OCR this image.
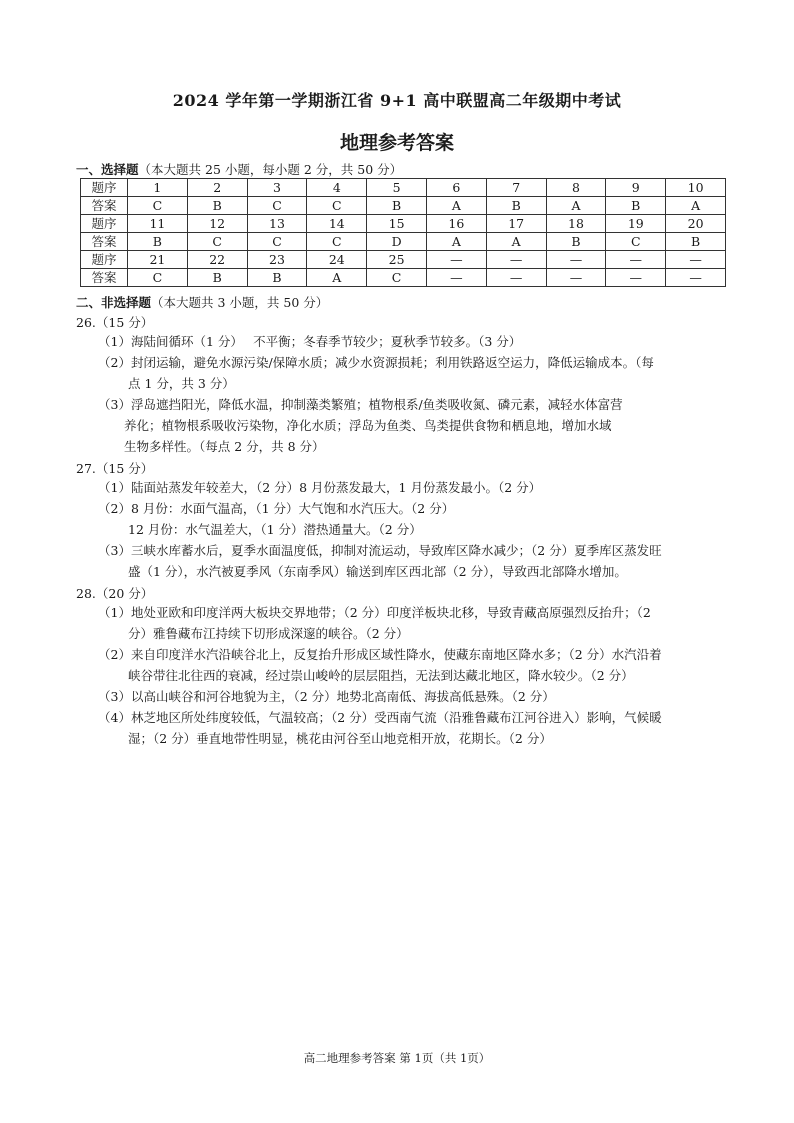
2024 学年第一学期浙江省 9+1 高中联盟高二年级期中考试
地理参考答案
一、选择题（本大题共 25 小题，每小题 2 分，共 50 分）
题序	1	2	3	4	5	6	7	8	9	10
答案	C	B	C	C	B	A	B	A	B	A
题序	11	12	13	14	15	16	17	18	19	20
答案	B	C	C	C	D	A	A	B	C	B
题序	21	22	23	24	25	—	—	—	—	—
答案	C	B	B	A	C	—	—	—	—	—
二、非选择题（本大题共 3 小题，共 50 分）
26.（15 分）
（1）海陆间循环（1 分）　 不平衡；冬春季节较少；夏秋季节较多。（3 分）
（2）封闭运输，避免水源污染/保障水质；减少水资源损耗；利用铁路返空运力，降低运输成本。（每
点 1 分，共 3 分）
（3）浮岛遮挡阳光，降低水温，抑制藻类繁殖；植物根系/鱼类吸收氮、磷元素，减轻水体富营
养化；植物根系吸收污染物，净化水质；浮岛为鱼类、鸟类提供食物和栖息地，增加水域
生物多样性。（每点 2 分，共 8 分）
27.（15 分）
（1）陆面站蒸发年较差大，（2 分）8 月份蒸发最大，1 月份蒸发最小。（2 分）
（2）8 月份：水面气温高，（1 分）大气饱和水汽压大。（2 分）
12 月份：水气温差大，（1 分）潜热通量大。（2 分）
（3）三峡水库蓄水后，夏季水面温度低，抑制对流运动，导致库区降水减少；（2 分）夏季库区蒸发旺
盛（1 分），水汽被夏季风（东南季风）输送到库区西北部（2 分），导致西北部降水增加。
28.（20 分）
（1）地处亚欧和印度洋两大板块交界地带；（2 分）印度洋板块北移，导致青藏高原强烈反抬升；（2
分）雅鲁藏布江持续下切形成深邃的峡谷。（2 分）
（2）来自印度洋水汽沿峡谷北上，反复抬升形成区域性降水，使藏东南地区降水多；（2 分）水汽沿着
峡谷带往北往西的衰减，经过崇山峻岭的层层阻挡，无法到达藏北地区，降水较少。（2 分）
（3）以高山峡谷和河谷地貌为主，（2 分）地势北高南低、海拔高低悬殊。（2 分）
（4）林芝地区所处纬度较低，气温较高；（2 分）受西南气流（沿雅鲁藏布江河谷进入）影响，气候暖
湿；（2 分）垂直地带性明显，桃花由河谷至山地竞相开放，花期长。（2 分）
高二地理参考答案 第 1页（共 1页）
